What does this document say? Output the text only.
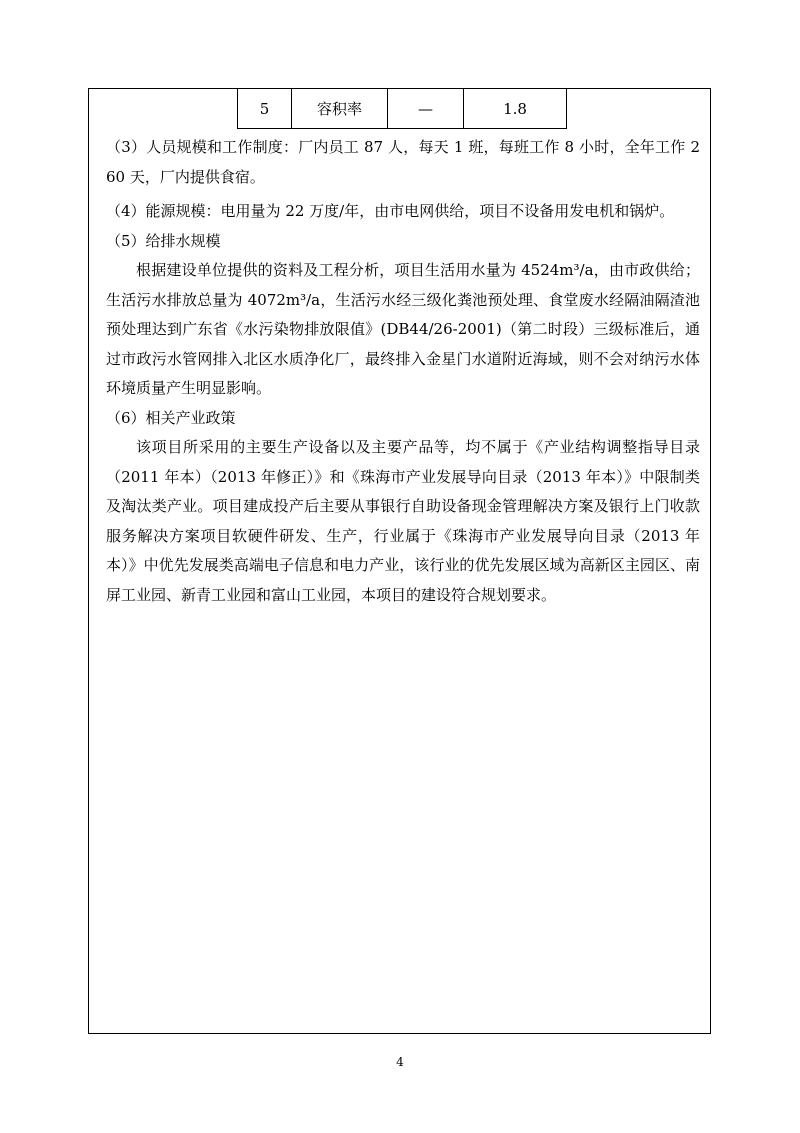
5	容积率	—	1.8

（3）人员规模和工作制度：厂内员工 87 人，每天 1 班，每班工作 8 小时，全年工作 260 天，厂内提供食宿。

（4）能源规模：电用量为 22 万度/年，由市电网供给，项目不设备用发电机和锅炉。

（5）给排水规模

根据建设单位提供的资料及工程分析，项目生活用水量为 4524m³/a，由市政供给；生活污水排放总量为 4072m³/a，生活污水经三级化粪池预处理、食堂废水经隔油隔渣池预处理达到广东省《水污染物排放限值》(DB44/26-2001)（第二时段）三级标准后，通过市政污水管网排入北区水质净化厂，最终排入金星门水道附近海域，则不会对纳污水体环境质量产生明显影响。

（6）相关产业政策

该项目所采用的主要生产设备以及主要产品等，均不属于《产业结构调整指导目录（2011 年本）（2013 年修正）》和《珠海市产业发展导向目录（2013 年本）》中限制类及淘汰类产业。项目建成投产后主要从事银行自助设备现金管理解决方案及银行上门收款服务解决方案项目软硬件研发、生产，行业属于《珠海市产业发展导向目录（2013 年本）》中优先发展类高端电子信息和电力产业，该行业的优先发展区域为高新区主园区、南屏工业园、新青工业园和富山工业园，本项目的建设符合规划要求。

4
